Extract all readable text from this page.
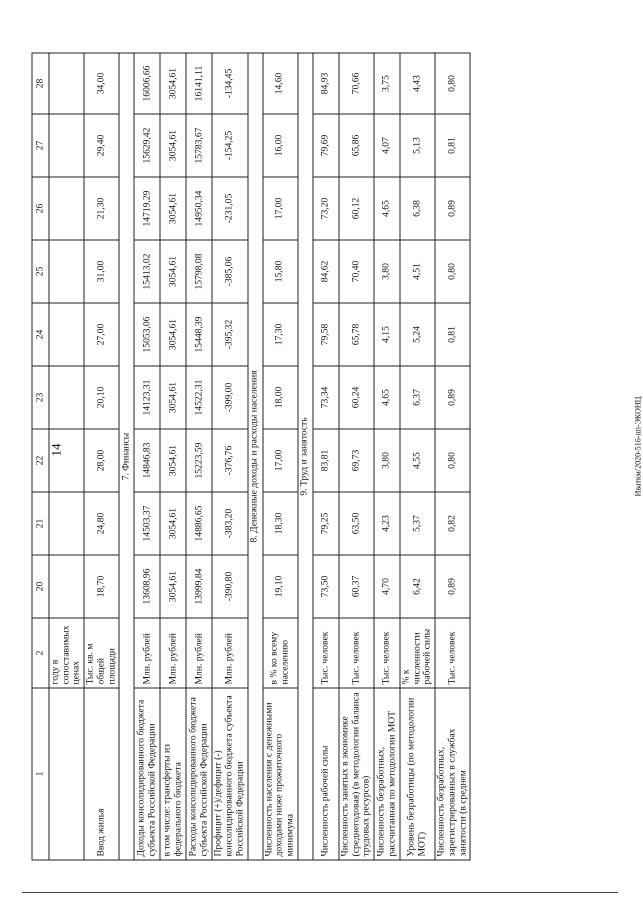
14	Иваткм/2020-516-пп-ЭКОНЦ
1	2	20	21	22	23	24	25	26	27	28
	году в сопоставимых ценах									
Ввод жилья	Тыс. кв. м общей площади	18,70	24,80	28,00	20,10	27,00	31,00	21,30	29,40	34,00
7. Финансы										
Доходы консолидированного бюджета субъекта Российской Федерации	Млн. рублей	13608,96	14503,37	14846,83	14123,31	15053,06	15413,02	14719,29	15629,42	16006,66
в том числе: трансферты из федерального бюджета	Млн. рублей	3054,61	3054,61	3054,61	3054,61	3054,61	3054,61	3054,61	3054,61	3054,61
Расходы консолидированного бюджета субъекта Российской Федерации	Млн. рублей	13999,84	14886,65	15223,59	14522,31	15448,39	15798,08	14950,34	15783,67	16141,11
Профицит (+)/дефицит (-) консолидированного бюджета субъекта Российской Федерации	Млн. рублей	-390,80	-383,20	-376,76	-399,00	-395,32	-385,06	-231,05	-154,25	-134,45
8. Денежные доходы и расходы населения										
Численность населения с денежными доходами ниже прожиточного минимума	в % ко всему населению	19,10	18,30	17,00	18,00	17,30	15,80	17,00	16,00	14,60
9. Труд и занятость										
Численность рабочей силы	Тыс. человек	73,50	79,25	83,81	73,34	79,58	84,62	73,20	79,69	84,93
Численность занятых в экономике (среднегодовая) (в методологии баланса трудовых ресурсов)	Тыс. человек	60,37	63,50	69,73	60,24	65,78	70,40	60,12	65,86	70,66
Численность безработных, рассчитанная по методологии МОТ	Тыс. человек	4,70	4,23	3,80	4,65	4,15	3,80	4,65	4,07	3,75
Уровень безработицы (по методологии МОТ)	% к численности рабочей силы	6,42	5,37	4,55	6,37	5,24	4,51	6,38	5,13	4,43
Численность безработных, зарегистрированных в службах занятости (в среднем	Тыс. человек	0,89	0,82	0,80	0,89	0,81	0,80	0,89	0,81	0,80
